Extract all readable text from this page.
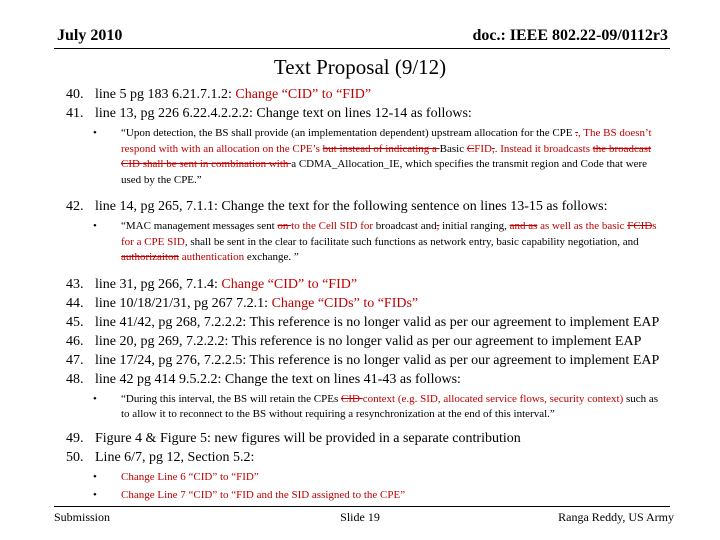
July 2010	doc.: IEEE 802.22-09/0112r3
Text Proposal (9/12)
40. line 5 pg 183 6.21.7.1.2: Change “CID” to “FID”
41. line 13, pg 226 6.22.4.2.2.2: Change text on lines 12-14 as follows:
• “Upon detection, the BS shall provide (an implementation dependent) upstream allocation for the CPE ., The BS doesn’t respond with with an allocation on the CPE’s but instead of indicating a Basic CFID,. Instead it broadcasts the broadcast CID shall be sent in combination with a CDMA_Allocation_IE, which specifies the transmit region and Code that were used by the CPE.”
42. line 14, pg 265, 7.1.1: Change the text for the following sentence on lines 13-15 as follows:
• “MAC management messages sent on to the Cell SID for broadcast and, initial ranging, and as as well as the basic FCIDs for a CPE SID, shall be sent in the clear to facilitate such functions as network entry, basic capability negotiation, and authorizaiton authentication exchange. ”
43. line 31, pg 266, 7.1.4: Change “CID” to “FID”
44. line 10/18/21/31, pg 267 7.2.1: Change “CIDs” to “FIDs”
45. line 41/42, pg 268, 7.2.2.2: This reference is no longer valid as per our agreement to implement EAP
46. line 20, pg 269, 7.2.2.2: This reference is no longer valid as per our agreement to implement EAP
47. line 17/24, pg 276, 7.2.2.5: This reference is no longer valid as per our agreement to implement EAP
48. line 42 pg 414 9.5.2.2: Change the text on lines 41-43 as follows:
• “During this interval, the BS will retain the CPEs CID context (e.g. SID, allocated service flows, security context) such as to allow it to reconnect to the BS without requiring a resynchronization at the end of this interval.”
49. Figure 4 & Figure 5: new figures will be provided in a separate contribution
50. Line 6/7, pg 12, Section 5.2:
• Change Line 6 “CID” to “FID”
• Change Line 7 “CID” to “FID and the SID assigned to the CPE”
Submission	Slide 19	Ranga Reddy, US Army
